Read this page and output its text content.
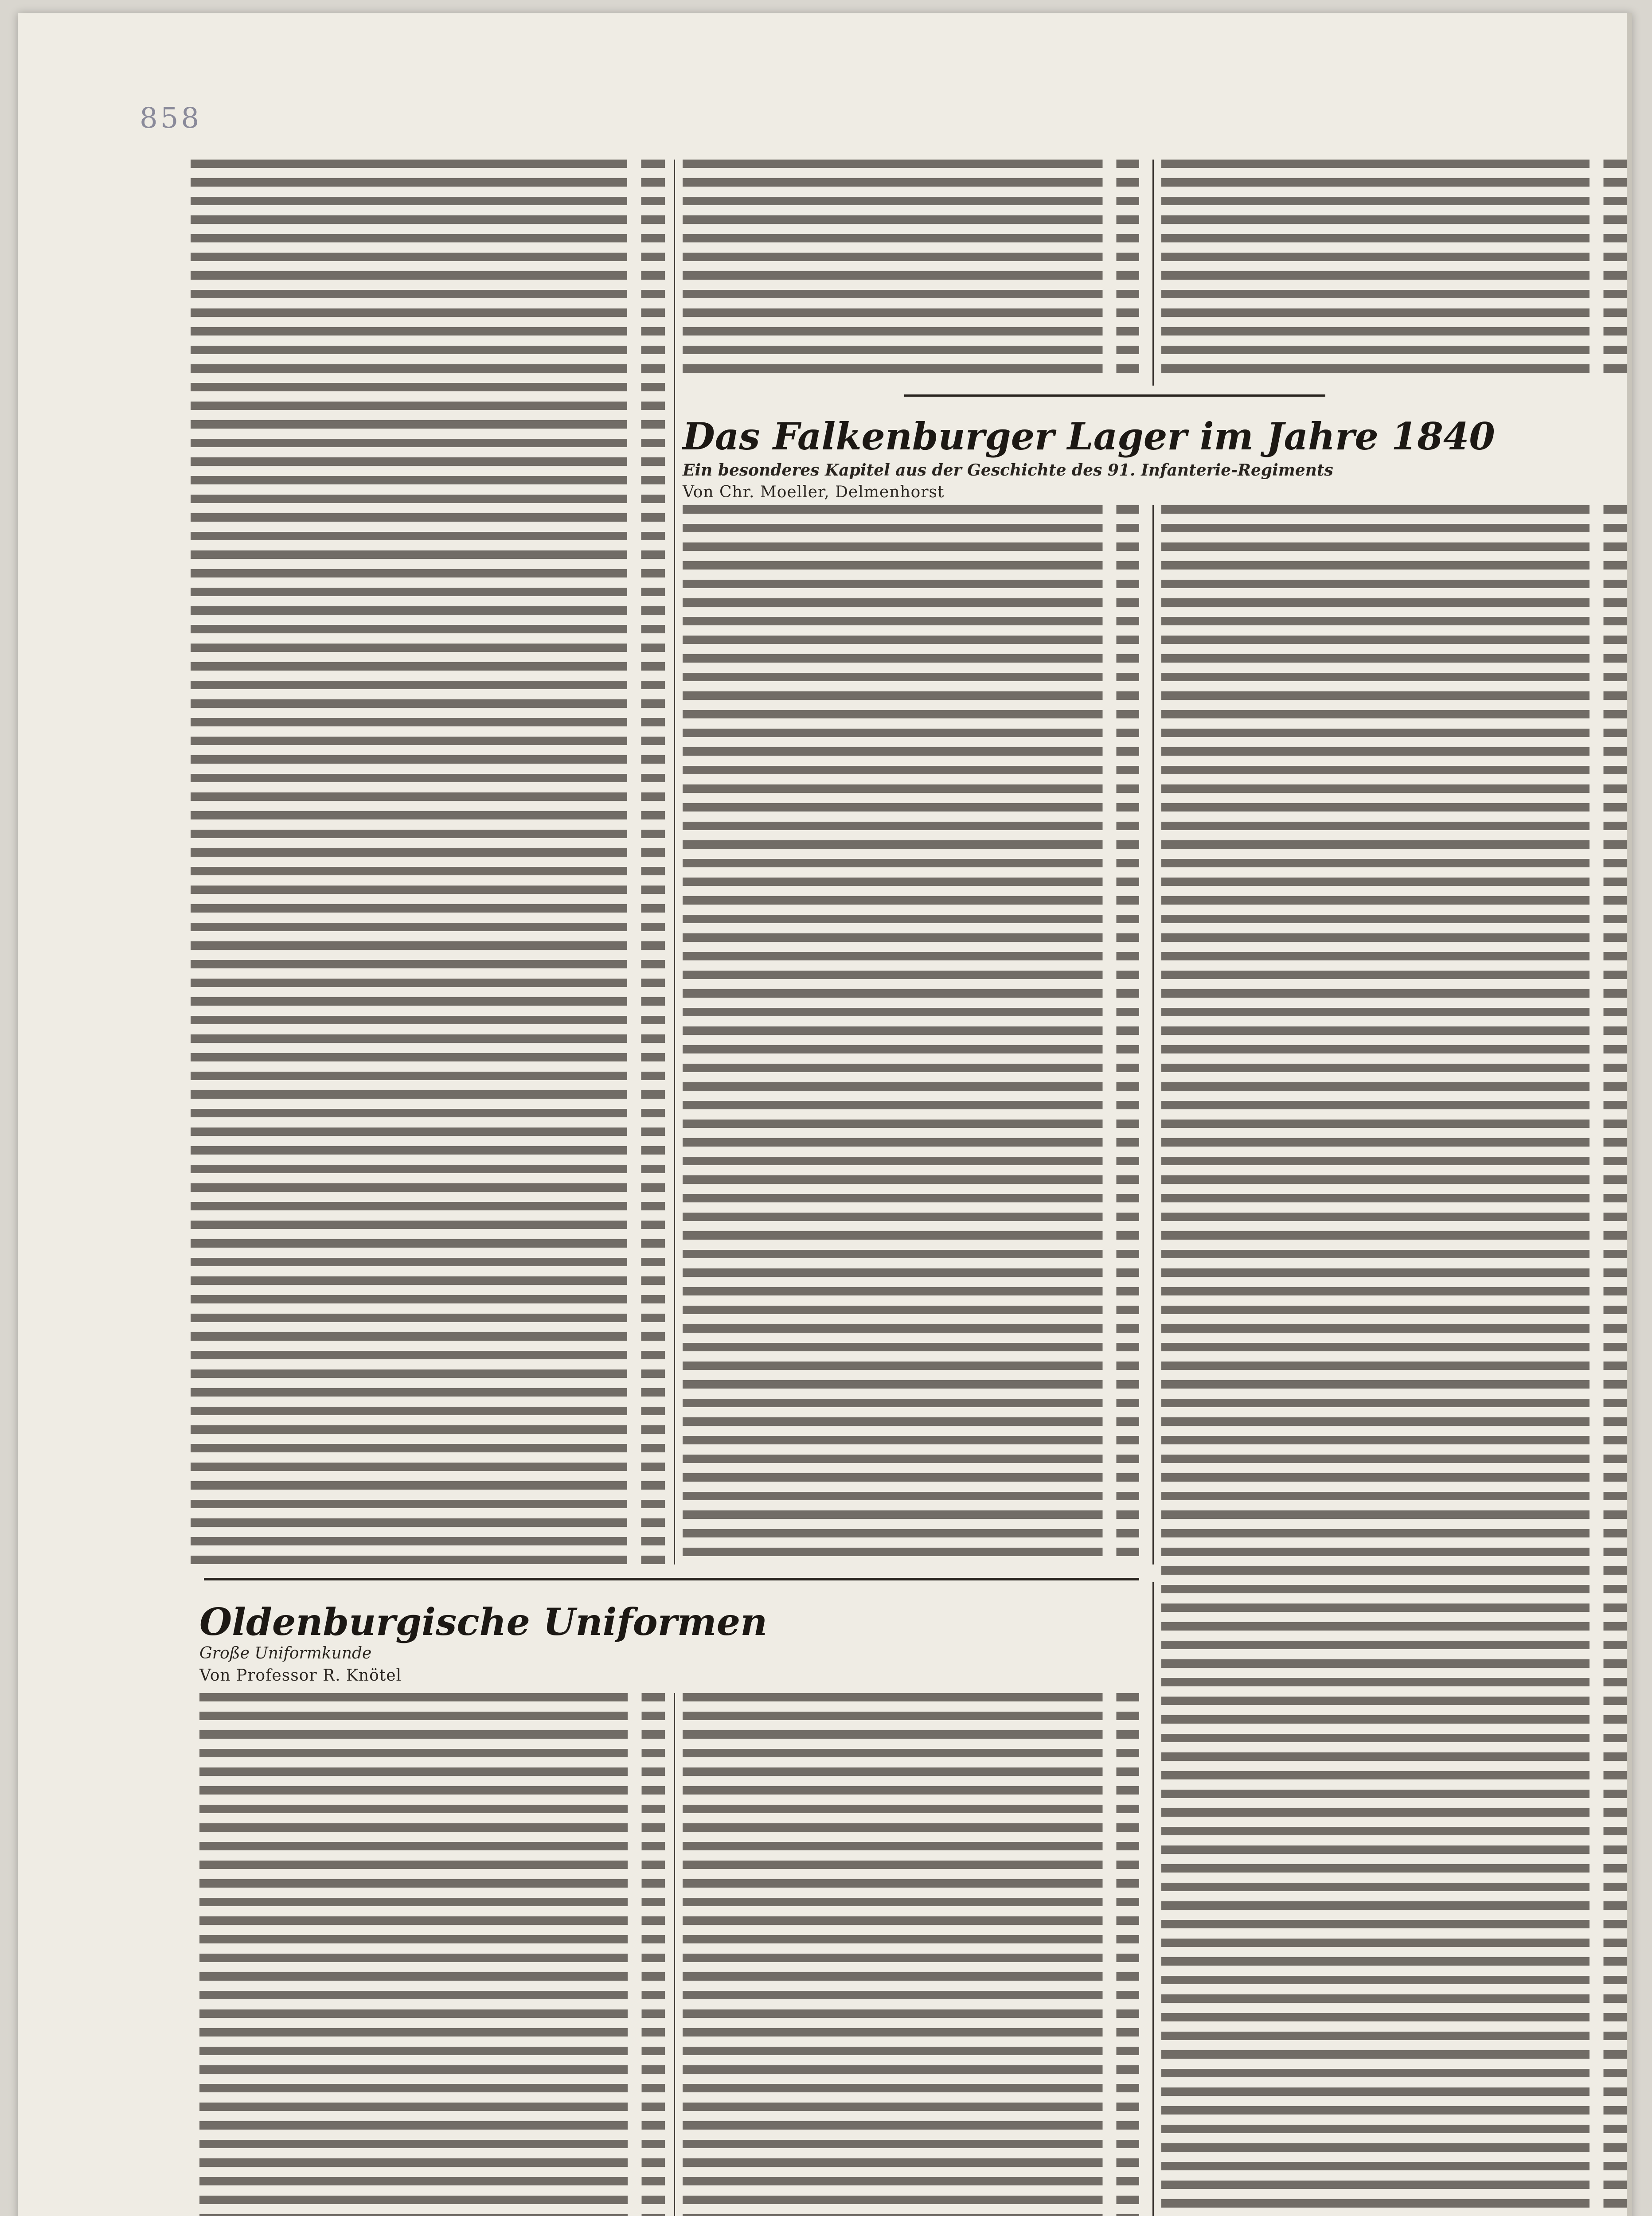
858
Das Falkenburger Lager im Jahre 1840
Ein besonderes Kapitel aus der Geschichte des 91. Infanterie-Regiments
Von Chr. Moeller, Delmenhorst
Oldenburgische Uniformen
Große Uniformkunde
Von Professor R. Knötel
